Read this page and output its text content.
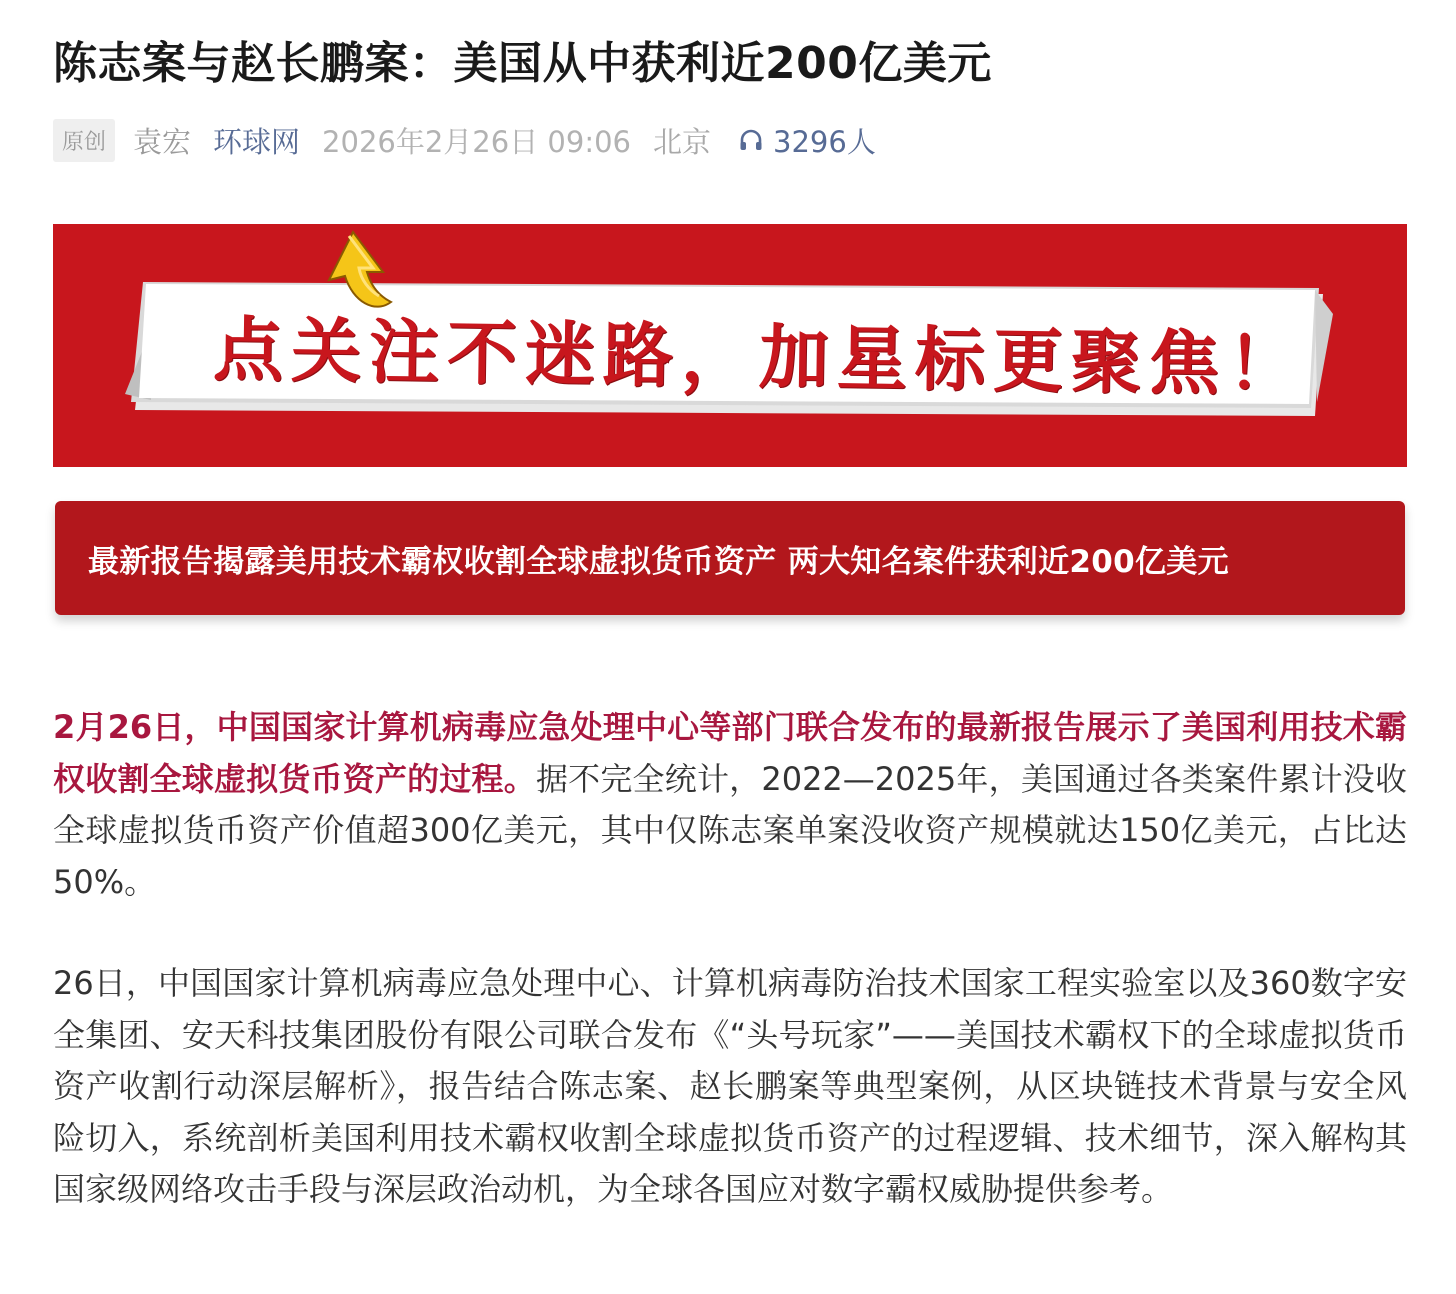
陈志案与赵长鹏案：美国从中获利近200亿美元
原创 袁宏 环球网 2026年2月26日 09:06 北京 3296人
点关注不迷路，加星标更聚焦！
最新报告揭露美用技术霸权收割全球虚拟货币资产 两大知名案件获利近200亿美元
2月26日，中国国家计算机病毒应急处理中心等部门联合发布的最新报告展示了美国利用技术霸权收割全球虚拟货币资产的过程。据不完全统计，2022—2025年，美国通过各类案件累计没收全球虚拟货币资产价值超300亿美元，其中仅陈志案单案没收资产规模就达150亿美元，占比达50%。
26日，中国国家计算机病毒应急处理中心、计算机病毒防治技术国家工程实验室以及360数字安全集团、安天科技集团股份有限公司联合发布《“头号玩家”——美国技术霸权下的全球虚拟货币资产收割行动深层解析》，报告结合陈志案、赵长鹏案等典型案例，从区块链技术背景与安全风险切入，系统剖析美国利用技术霸权收割全球虚拟货币资产的过程逻辑、技术细节，深入解构其国家级网络攻击手段与深层政治动机，为全球各国应对数字霸权威胁提供参考。
